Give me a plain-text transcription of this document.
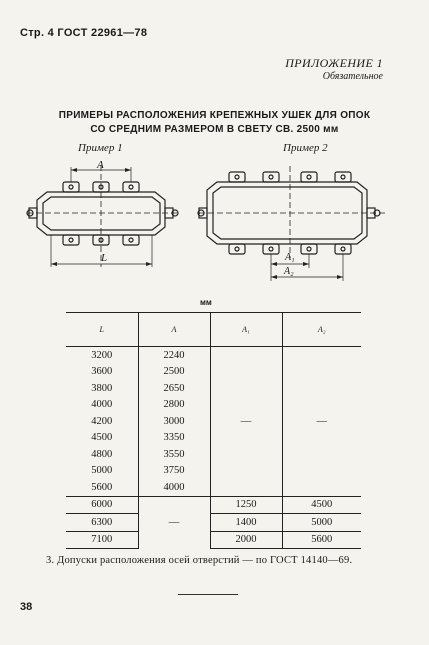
Стр. 4 ГОСТ 22961—78
ПРИЛОЖЕНИЕ 1
Обязательное
ПРИМЕРЫ РАСПОЛОЖЕНИЯ КРЕПЕЖНЫХ УШЕК ДЛЯ ОПОК
СО СРЕДНИМ РАЗМЕРОМ В СВЕТУ СВ. 2500 мм
Пример 1	Пример 2
A
L	A₁
A₂
мм
L	A	A₁	A₂
3200	2240	—	—
3600	2500		
3800	2650		
4000	2800		
4200	3000		
4500	3350		
4800	3550		
5000	3750		
5600	4000		
6000	—	1250	4500
6300		1400	5000
7100		2000	5600
3. Допуски расположения осей отверстий — по ГОСТ 14140—69.
38
